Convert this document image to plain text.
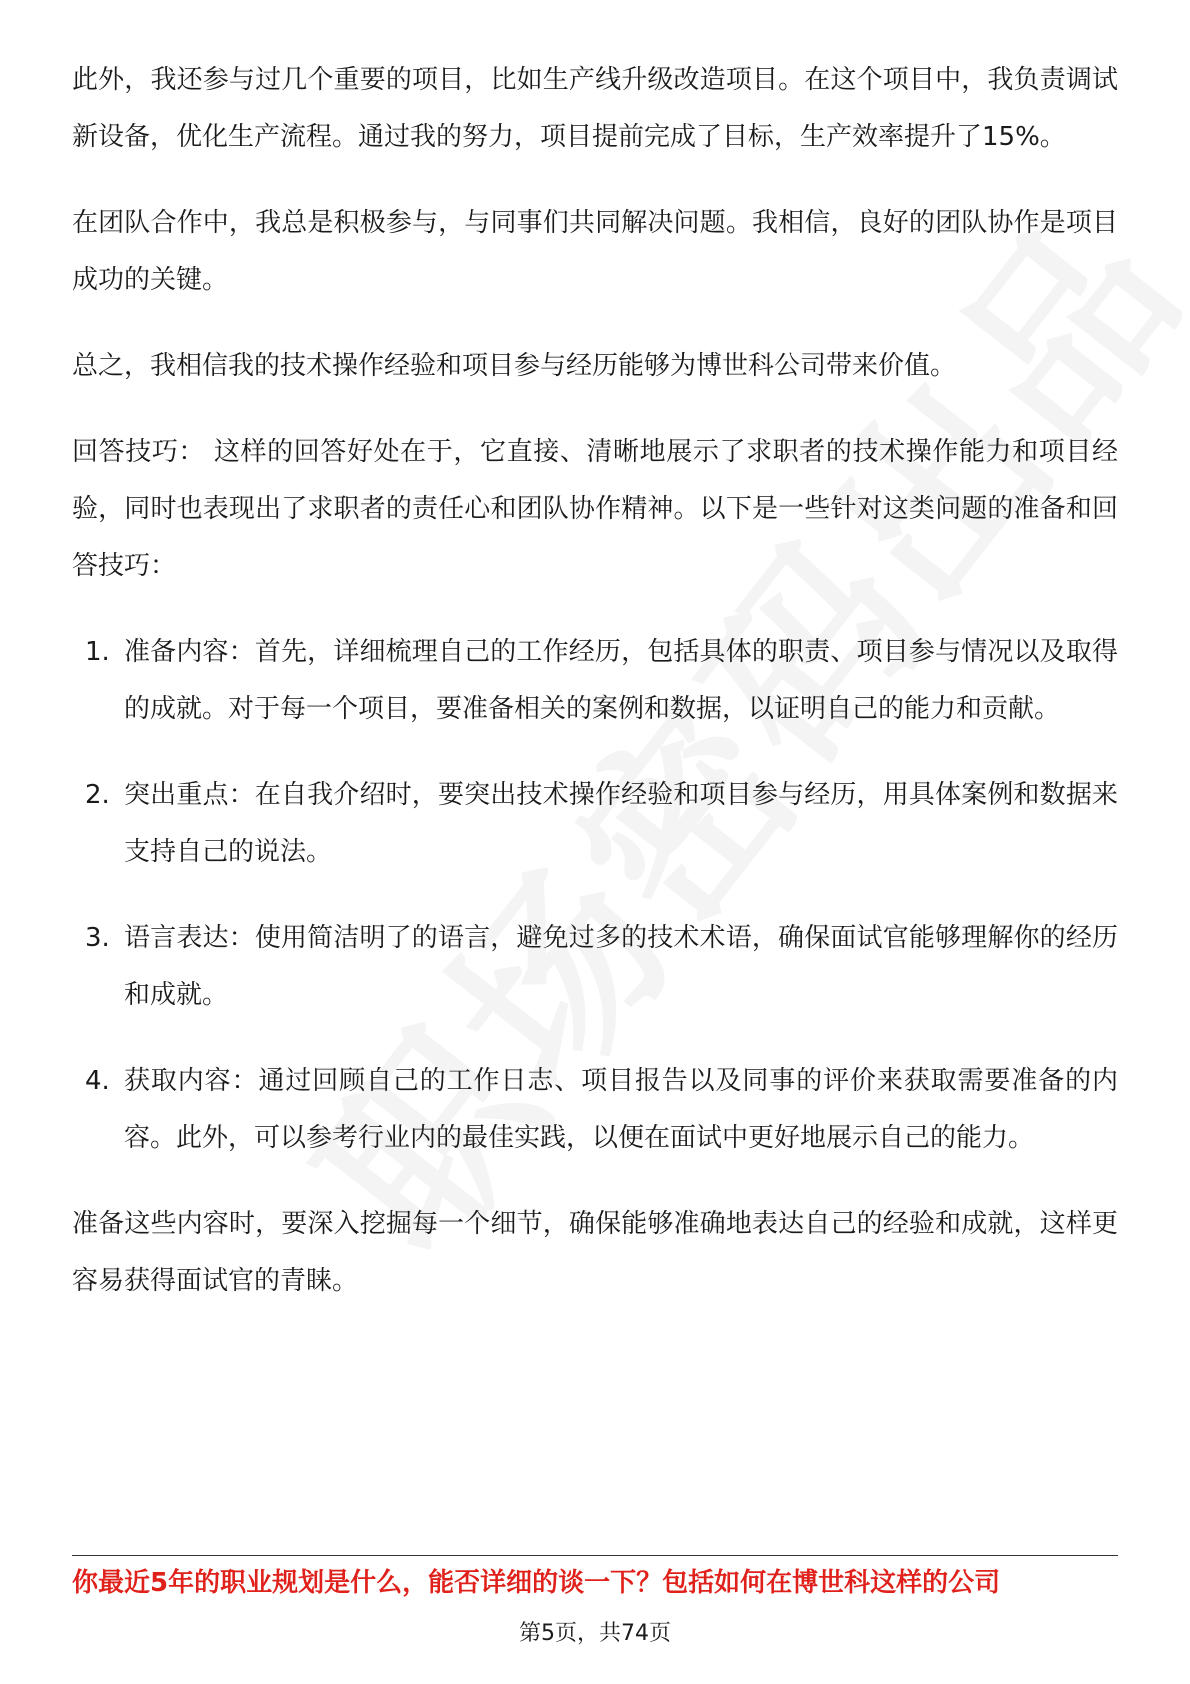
此外，我还参与过几个重要的项目，比如生产线升级改造项目。在这个项目中，我负责调试新设备，优化生产流程。通过我的努力，项目提前完成了目标，生产效率提升了15%。

在团队合作中，我总是积极参与，与同事们共同解决问题。我相信，良好的团队协作是项目成功的关键。

总之，我相信我的技术操作经验和项目参与经历能够为博世科公司带来价值。

回答技巧： 这样的回答好处在于，它直接、清晰地展示了求职者的技术操作能力和项目经验，同时也表现出了求职者的责任心和团队协作精神。以下是一些针对这类问题的准备和回答技巧：

1. 准备内容：首先，详细梳理自己的工作经历，包括具体的职责、项目参与情况以及取得的成就。对于每一个项目，要准备相关的案例和数据，以证明自己的能力和贡献。
2. 突出重点：在自我介绍时，要突出技术操作经验和项目参与经历，用具体案例和数据来支持自己的说法。
3. 语言表达：使用简洁明了的语言，避免过多的技术术语，确保面试官能够理解你的经历和成就。
4. 获取内容：通过回顾自己的工作日志、项目报告以及同事的评价来获取需要准备的内容。此外，可以参考行业内的最佳实践，以便在面试中更好地展示自己的能力。

准备这些内容时，要深入挖掘每一个细节，确保能够准确地表达自己的经验和成就，这样更容易获得面试官的青睐。

你最近5年的职业规划是什么，能否详细的谈一下？包括如何在博世科这样的公司
第5页，共74页
